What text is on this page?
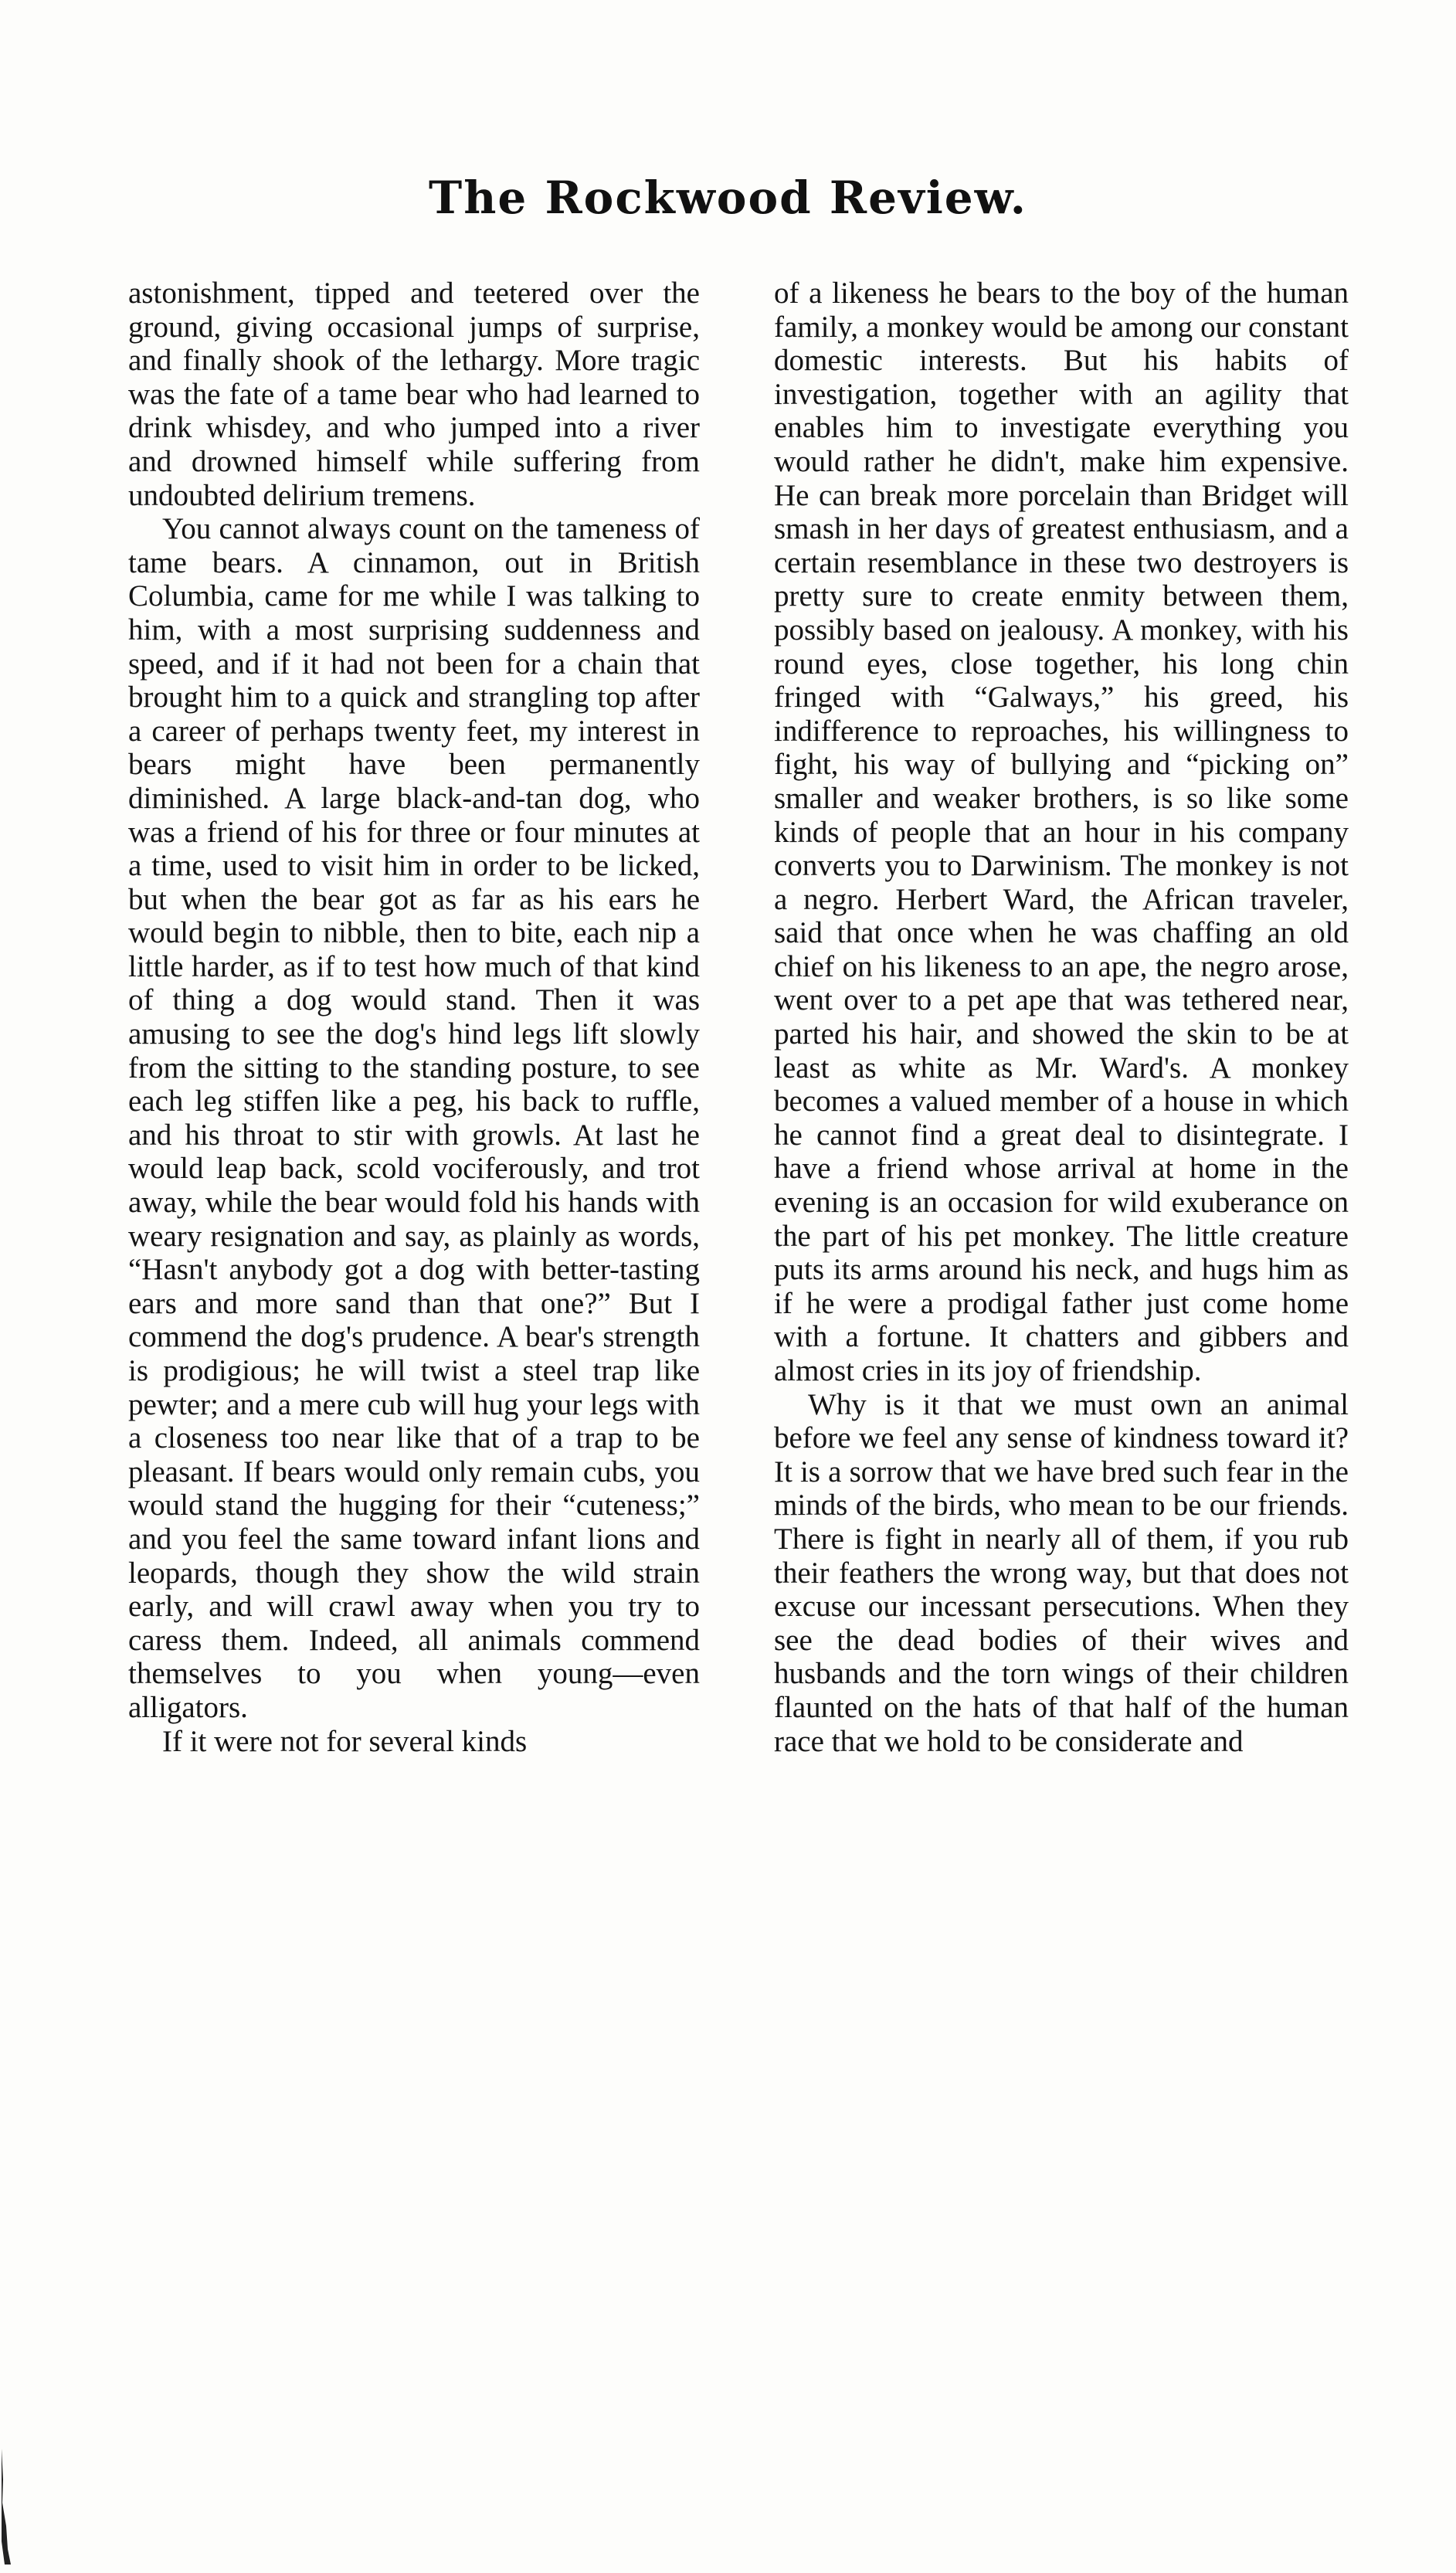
The Rockwood Review.

astonishment, tipped and teetered over the ground, giving occasional jumps of surprise, and finally shook of the lethargy. More tragic was the fate of a tame bear who had learned to drink whisdey, and who jumped into a river and drowned himself while suffering from undoubted delirium tremens.

You cannot always count on the tameness of tame bears. A cinnamon, out in British Columbia, came for me while I was talking to him, with a most surprising suddenness and speed, and if it had not been for a chain that brought him to a quick and strangling top after a career of perhaps twenty feet, my interest in bears might have been permanently diminished. A large black-and-tan dog, who was a friend of his for three or four minutes at a time, used to visit him in order to be licked, but when the bear got as far as his ears he would begin to nibble, then to bite, each nip a little harder, as if to test how much of that kind of thing a dog would stand. Then it was amusing to see the dog's hind legs lift slowly from the sitting to the standing posture, to see each leg stiffen like a peg, his back to ruffle, and his throat to stir with growls. At last he would leap back, scold vociferously, and trot away, while the bear would fold his hands with weary resignation and say, as plainly as words, “Hasn't anybody got a dog with better-tasting ears and more sand than that one?” But I commend the dog's prudence. A bear's strength is prodigious; he will twist a steel trap like pewter; and a mere cub will hug your legs with a closeness too near like that of a trap to be pleasant. If bears would only remain cubs, you would stand the hugging for their “cuteness;” and you feel the same toward infant lions and leopards, though they show the wild strain early, and will crawl away when you try to caress them. Indeed, all animals commend themselves to you when young—even alligators.

If it were not for several kinds

of a likeness he bears to the boy of the human family, a monkey would be among our constant domestic interests. But his habits of investigation, together with an agility that enables him to investigate everything you would rather he didn't, make him expensive. He can break more porcelain than Bridget will smash in her days of greatest enthusiasm, and a certain resemblance in these two destroyers is pretty sure to create enmity between them, possibly based on jealousy. A monkey, with his round eyes, close together, his long chin fringed with “Galways,” his greed, his indifference to reproaches, his willingness to fight, his way of bullying and “picking on” smaller and weaker brothers, is so like some kinds of people that an hour in his company converts you to Darwinism. The monkey is not a negro. Herbert Ward, the African traveler, said that once when he was chaffing an old chief on his likeness to an ape, the negro arose, went over to a pet ape that was tethered near, parted his hair, and showed the skin to be at least as white as Mr. Ward's. A monkey becomes a valued member of a house in which he cannot find a great deal to disintegrate. I have a friend whose arrival at home in the evening is an occasion for wild exuberance on the part of his pet monkey. The little creature puts its arms around his neck, and hugs him as if he were a prodigal father just come home with a fortune. It chatters and gibbers and almost cries in its joy of friendship.

Why is it that we must own an animal before we feel any sense of kindness toward it? It is a sorrow that we have bred such fear in the minds of the birds, who mean to be our friends. There is fight in nearly all of them, if you rub their feathers the wrong way, but that does not excuse our incessant persecutions. When they see the dead bodies of their wives and husbands and the torn wings of their children flaunted on the hats of that half of the human race that we hold to be considerate and
